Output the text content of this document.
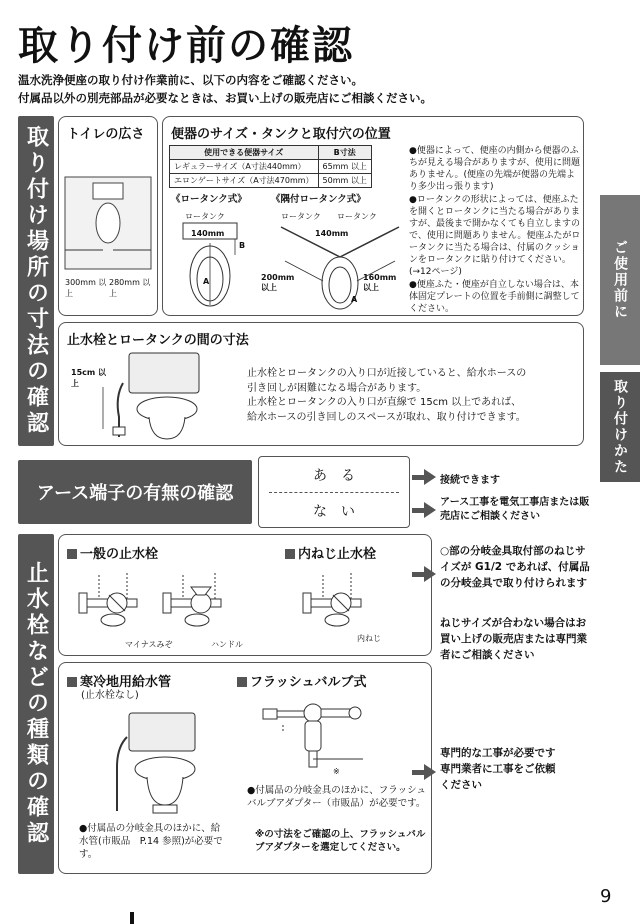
取り付け前の確認
温水洗浄便座の取り付け作業前に、以下の内容をご確認ください。
付属品以外の別売部品が必要なときは、お買い上げの販売店にご相談ください。
ご使用前に
取り付けかた
取り付け場所の寸法の確認	トイレの広さ
300mm 以上
280mm 以上
便器のサイズ・タンクと取付穴の位置
使用できる便器サイズ	B寸法
レギュラーサイズ（A寸法440mm）	65mm 以上
エロンゲートサイズ（A寸法470mm）	50mm 以上
《ロータンク式》	《隅付ロータンク式》
ロータンク
140mm
A
B
ロータンク ロータンク
140mm
200mm 以上
160mm 以上
A
●便器によって、便座の内側から便器のふちが見える場合がありますが、使用に問題ありません。(便座の先端が便器の先端より多少出っ張ります)
●ロータンクの形状によっては、便座ふたを開くとロータンクに当たる場合がありますが、最後まで開かなくても自立しますので、使用に問題ありません。便座ふたがロータンクに当たる場合は、付属のクッションをロータンクに貼り付けてください。(→12ページ)
●便座ふた・便座が自立しない場合は、本体固定プレートの位置を手前側に調整してください。
止水栓とロータンクの間の寸法
15cm 以上
止水栓とロータンクの入り口が近接していると、給水ホースの
引き回しが困難になる場合があります。
止水栓とロータンクの入り口が直線で 15cm 以上であれば、
給水ホースの引き回しのスペースが取れ、取り付けできます。
アース端子の有無の確認
あ　る
な　い
接続できます
アース工事を電気工事店または販売店にご相談ください
止水栓などの種類の確認
一般の止水栓	内ねじ止水栓
マイナスみぞ	ハンドル
内ねじ
○部の分岐金具取付部のねじサイズが G1/2 であれば、付属品の分岐金具で取り付けられます
ねじサイズが合わない場合はお買い上げの販売店または専門業者にご相談ください
寒冷地用給水管
(止水栓なし)
フラッシュバルブ式
●付属品の分岐金具のほかに、給水管(市販品　P.14 参照)が必要です。
※
●付属品の分岐金具のほかに、フラッシュバルブアダプター（市販品）が必要です。
※の寸法をご確認の上、フラッシュバルブアダプターを選定してください。
専門的な工事が必要です 専門業者に工事をご依頼ください
9
